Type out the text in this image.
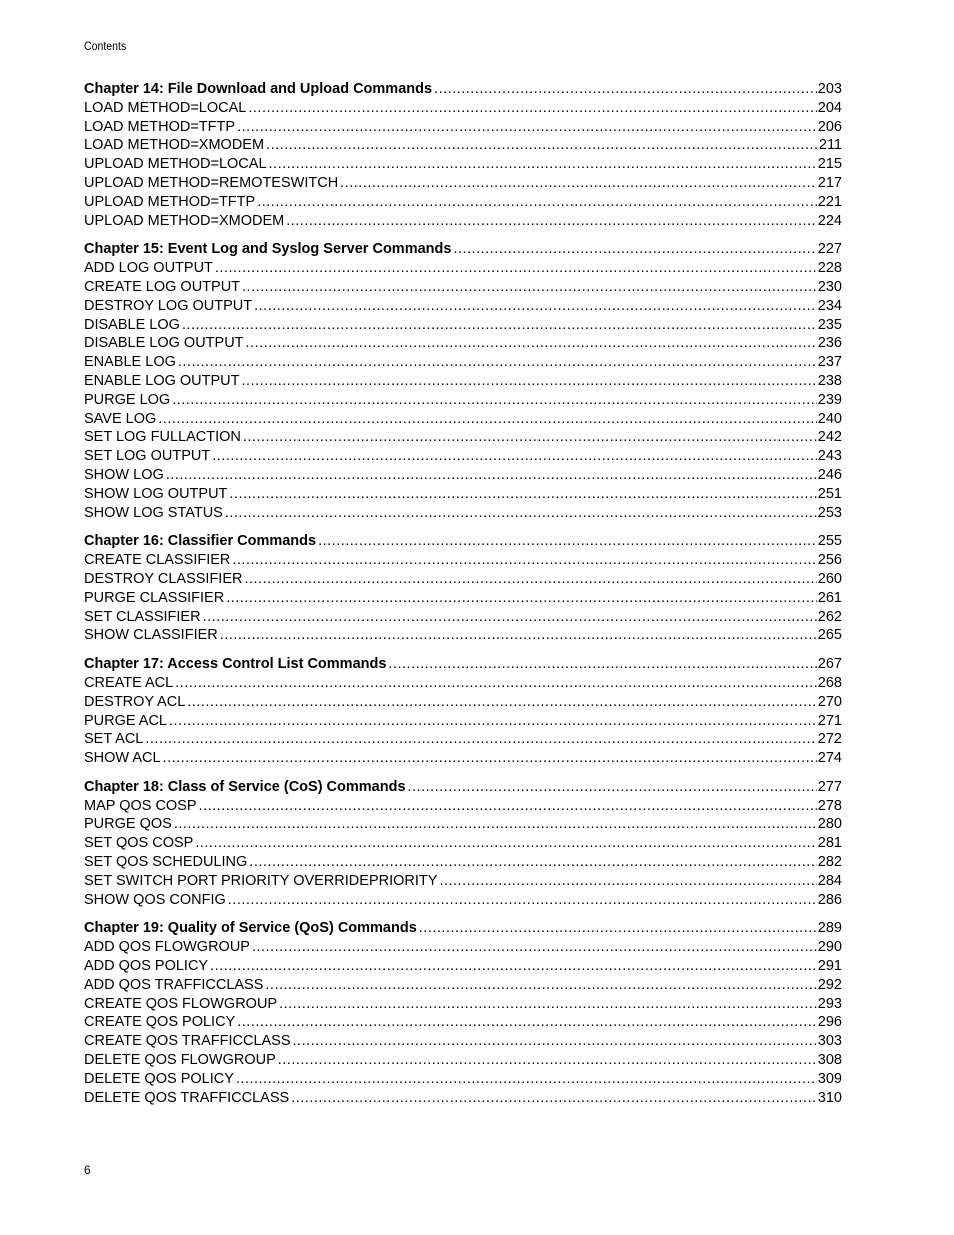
Contents
Chapter 14: File Download and Upload Commands .....	203
LOAD METHOD=LOCAL .....	204
LOAD METHOD=TFTP .....	206
LOAD METHOD=XMODEM .....	211
UPLOAD METHOD=LOCAL .....	215
UPLOAD METHOD=REMOTESWITCH .....	217
UPLOAD METHOD=TFTP .....	221
UPLOAD METHOD=XMODEM .....	224
Chapter 15: Event Log and Syslog Server Commands .....	227
ADD LOG OUTPUT .....	228
CREATE LOG OUTPUT .....	230
DESTROY LOG OUTPUT .....	234
DISABLE LOG .....	235
DISABLE LOG OUTPUT .....	236
ENABLE LOG .....	237
ENABLE LOG OUTPUT .....	238
PURGE LOG .....	239
SAVE LOG .....	240
SET LOG FULLACTION .....	242
SET LOG OUTPUT .....	243
SHOW LOG .....	246
SHOW LOG OUTPUT .....	251
SHOW LOG STATUS .....	253
Chapter 16: Classifier Commands .....	255
CREATE CLASSIFIER .....	256
DESTROY CLASSIFIER .....	260
PURGE CLASSIFIER .....	261
SET CLASSIFIER .....	262
SHOW CLASSIFIER .....	265
Chapter 17: Access Control List Commands .....	267
CREATE ACL .....	268
DESTROY ACL .....	270
PURGE ACL .....	271
SET ACL .....	272
SHOW ACL .....	274
Chapter 18: Class of Service (CoS) Commands .....	277
MAP QOS COSP .....	278
PURGE QOS .....	280
SET QOS COSP .....	281
SET QOS SCHEDULING .....	282
SET SWITCH PORT PRIORITY OVERRIDEPRIORITY .....	284
SHOW QOS CONFIG .....	286
Chapter 19: Quality of Service (QoS) Commands .....	289
ADD QOS FLOWGROUP .....	290
ADD QOS POLICY .....	291
ADD QOS TRAFFICCLASS .....	292
CREATE QOS FLOWGROUP .....	293
CREATE QOS POLICY .....	296
CREATE QOS TRAFFICCLASS .....	303
DELETE QOS FLOWGROUP .....	308
DELETE QOS POLICY .....	309
DELETE QOS TRAFFICCLASS .....	310
6
